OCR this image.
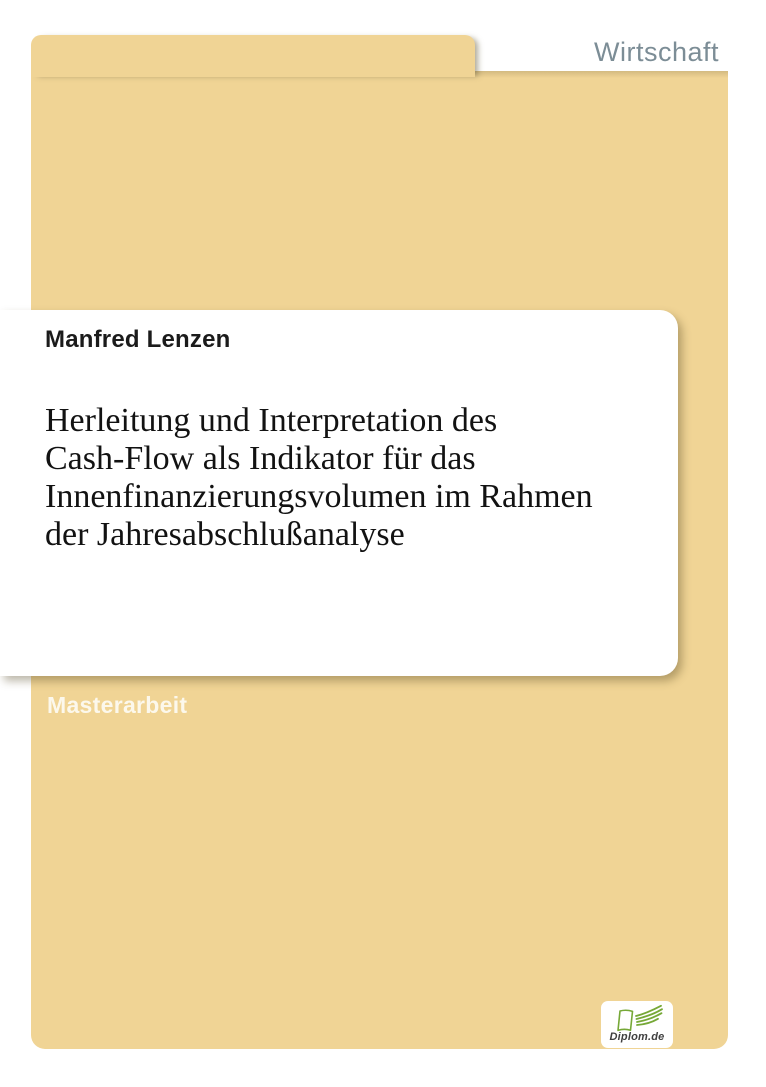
Wirtschaft
Manfred Lenzen
Herleitung und Interpretation des
Cash-Flow als Indikator für das
Innenfinanzierungsvolumen im Rahmen
der Jahresabschlußanalyse
Masterarbeit
Diplom.de
